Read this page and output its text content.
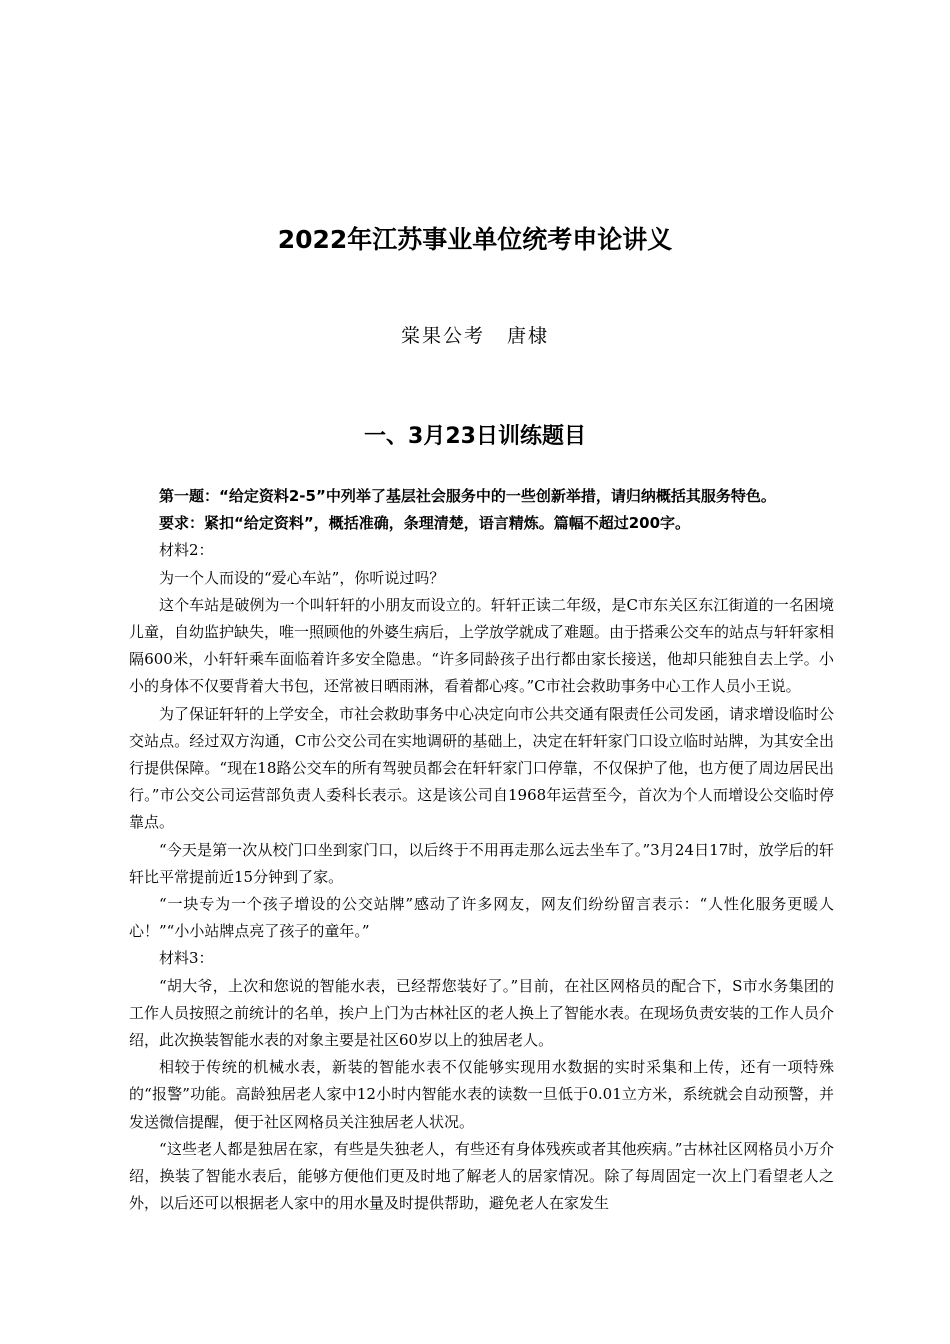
2022年江苏事业单位统考申论讲义
棠果公考 唐棣
一、3月23日训练题目

第一题：“给定资料2-5”中列举了基层社会服务中的一些创新举措，请归纳概括其服务特色。

要求：紧扣“给定资料”，概括准确，条理清楚，语言精炼。篇幅不超过200字。

材料2：

为一个人而设的“爱心车站”，你听说过吗？

这个车站是破例为一个叫轩轩的小朋友而设立的。轩轩正读二年级，是C市东关区东江街道的一名困境儿童，自幼监护缺失，唯一照顾他的外婆生病后，上学放学就成了难题。由于搭乘公交车的站点与轩轩家相隔600米，小轩轩乘车面临着许多安全隐患。“许多同龄孩子出行都由家长接送，他却只能独自去上学。小小的身体不仅要背着大书包，还常被日晒雨淋，看着都心疼。”C市社会救助事务中心工作人员小王说。

为了保证轩轩的上学安全，市社会救助事务中心决定向市公共交通有限责任公司发函，请求增设临时公交站点。经过双方沟通，C市公交公司在实地调研的基础上，决定在轩轩家门口设立临时站牌，为其安全出行提供保障。“现在18路公交车的所有驾驶员都会在轩轩家门口停靠，不仅保护了他，也方便了周边居民出行。”市公交公司运营部负责人委科长表示。这是该公司自1968年运营至今，首次为个人而增设公交临时停靠点。

“今天是第一次从校门口坐到家门口，以后终于不用再走那么远去坐车了。”3月24日17时，放学后的轩轩比平常提前近15分钟到了家。

“一块专为一个孩子增设的公交站牌”感动了许多网友，网友们纷纷留言表示：“人性化服务更暖人心！”“小小站牌点亮了孩子的童年。”

材料3：

“胡大爷，上次和您说的智能水表，已经帮您装好了。”目前，在社区网格员的配合下，S市水务集团的工作人员按照之前统计的名单，挨户上门为古林社区的老人换上了智能水表。在现场负责安装的工作人员介绍，此次换装智能水表的对象主要是社区60岁以上的独居老人。

相较于传统的机械水表，新装的智能水表不仅能够实现用水数据的实时采集和上传，还有一项特殊的“报警”功能。高龄独居老人家中12小时内智能水表的读数一旦低于0.01立方米，系统就会自动预警，并发送微信提醒，便于社区网格员关注独居老人状况。

“这些老人都是独居在家，有些是失独老人，有些还有身体残疾或者其他疾病。”古林社区网格员小万介绍，换装了智能水表后，能够方便他们更及时地了解老人的居家情况。除了每周固定一次上门看望老人之外，以后还可以根据老人家中的用水量及时提供帮助，避免老人在家发生
